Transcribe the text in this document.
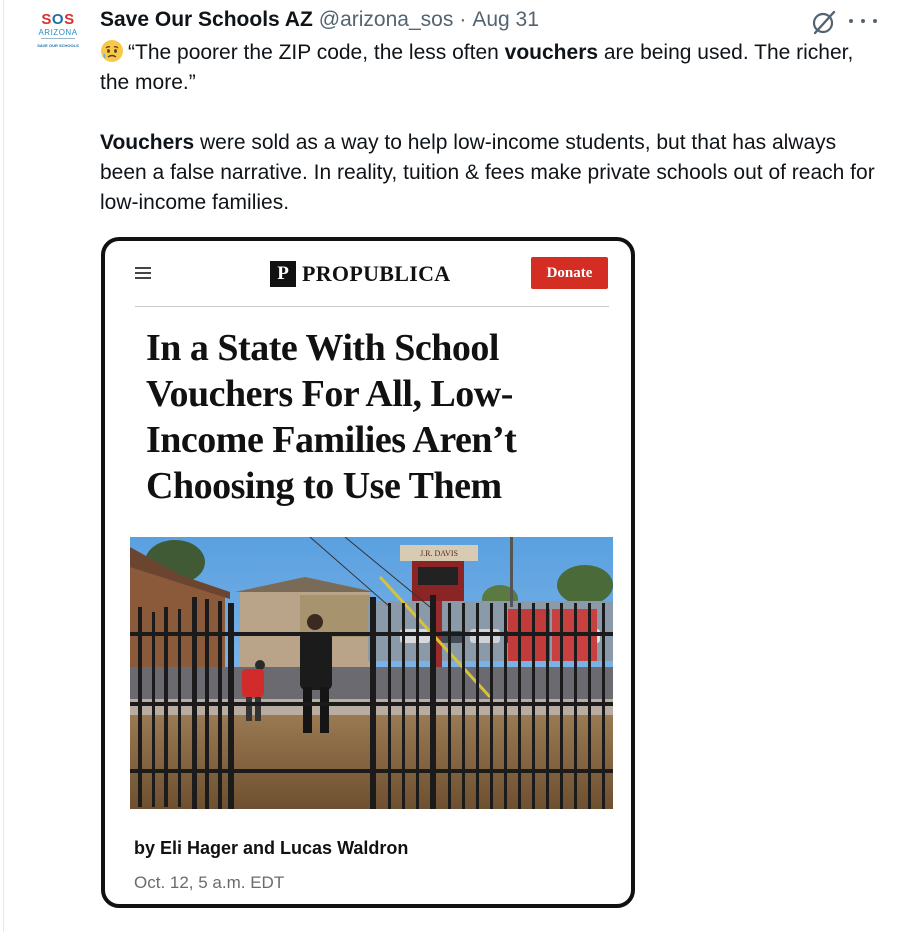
SOS
ARIZONA
SAVE OUR SCHOOLS
Save Our Schools AZ @arizona_sos · Aug 31

“The poorer the ZIP code, the less often vouchers are being used. The richer, the more.”

Vouchers were sold as a way to help low-income students, but that has always been a false narrative. In reality, tuition & fees make private schools out of reach for low-income families.

P PROPUBLICA	Donate
In a State With School Vouchers For All, Low-Income Families Aren’t Choosing to Use Them
J.R. DAVIS
by Eli Hager and Lucas Waldron
Oct. 12, 5 a.m. EDT
